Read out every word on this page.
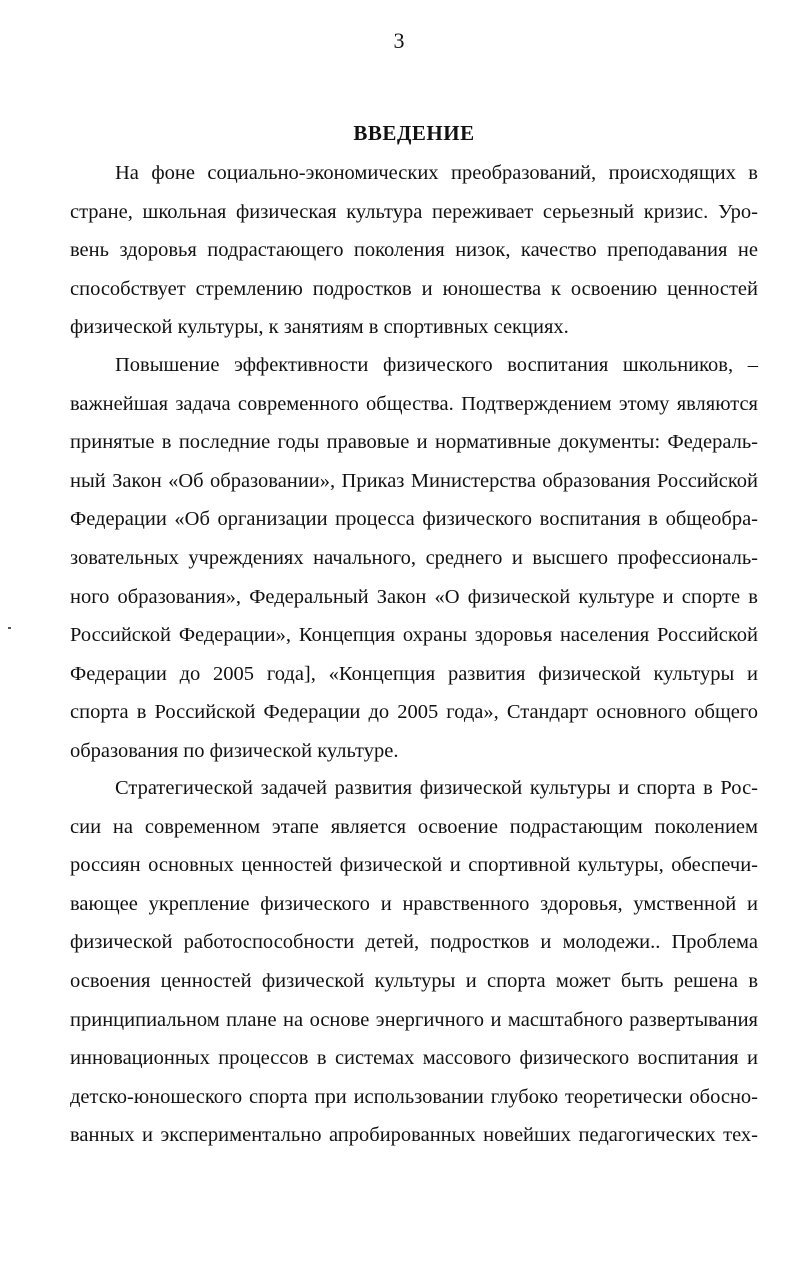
3
ВВЕДЕНИЕ
На фоне социально-экономических преобразований, происходящих в
стране, школьная физическая культура переживает серьезный кризис. Уро-
вень здоровья подрастающего поколения низок, качество преподавания не
способствует стремлению подростков и юношества к освоению ценностей
физической культуры, к занятиям в спортивных секциях.
Повышение эффективности физического воспитания школьников, –
важнейшая задача современного общества. Подтверждением этому являются
принятые в последние годы правовые и нормативные документы: Федераль-
ный Закон «Об образовании», Приказ Министерства образования Российской
Федерации «Об организации процесса физического воспитания в общеобра-
зовательных учреждениях начального, среднего и высшего профессиональ-
ного образования», Федеральный Закон «О физической культуре и спорте в
Российской Федерации», Концепция охраны здоровья населения Российской
Федерации до 2005 года], «Концепция развития физической культуры и
спорта в Российской Федерации до 2005 года», Стандарт основного общего
образования по физической культуре.
Стратегической задачей развития физической культуры и спорта в Рос-
сии на современном этапе является освоение подрастающим поколением
россиян основных ценностей физической и спортивной культуры, обеспечи-
вающее укрепление физического и нравственного здоровья, умственной и
физической работоспособности детей, подростков и молодежи.. Проблема
освоения ценностей физической культуры и спорта может быть решена в
принципиальном плане на основе энергичного и масштабного развертывания
инновационных процессов в системах массового физического воспитания и
детско-юношеского спорта при использовании глубоко теоретически обосно-
ванных и экспериментально апробированных новейших педагогических тех-
